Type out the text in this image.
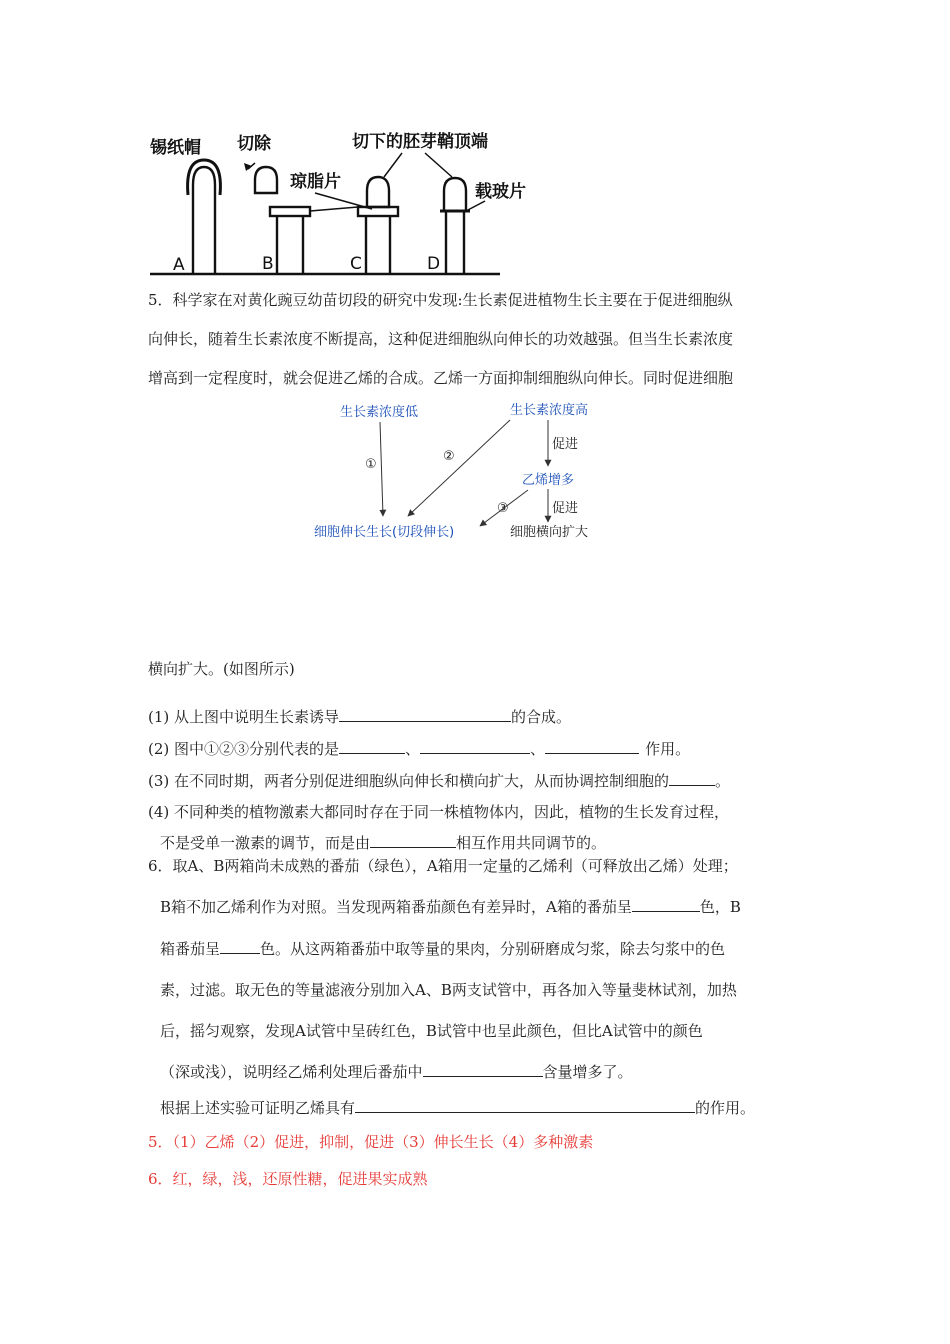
锡纸帽 切除	切下的胚芽鞘顶端
琼脂片	载玻片
A	B	C	D
5．科学家在对黄化豌豆幼苗切段的研究中发现:生长素促进植物生长主要在于促进细胞纵
向伸长，随着生长素浓度不断提高，这种促进细胞纵向伸长的功效越强。但当生长素浓度
增高到一定程度时，就会促进乙烯的合成。乙烯一方面抑制细胞纵向伸长。同时促进细胞
生长素浓度低	生长素浓度高
促进
乙烯增多
促进
①
②
③
细胞伸长生长(切段伸长)	细胞横向扩大
横向扩大。(如图所示)
(1) 从上图中说明生长素诱导	的合成。
(2) 图中①②③分别代表的是	、	、	作用。
(3) 在不同时期，两者分别促进细胞纵向伸长和横向扩大，从而协调控制细胞的	。
(4) 不同种类的植物激素大都同时存在于同一株植物体内，因此，植物的生长发育过程，
不是受单一激素的调节，而是由	相互作用共同调节的。
6．取A、B两箱尚未成熟的番茄（绿色），A箱用一定量的乙烯利（可释放出乙烯）处理；
B箱不加乙烯利作为对照。当发现两箱番茄颜色有差异时，A箱的番茄呈	色，B
箱番茄呈	色。从这两箱番茄中取等量的果肉，分别研磨成匀浆，除去匀浆中的色
素，过滤。取无色的等量滤液分别加入A、B两支试管中，再各加入等量斐林试剂，加热
后，摇匀观察，发现A试管中呈砖红色，B试管中也呈此颜色，但比A试管中的颜色
（深或浅），说明经乙烯利处理后番茄中	含量增多了。
根据上述实验可证明乙烯具有	的作用。
5．（1）乙烯（2）促进，抑制，促进（3）伸长生长（4）多种激素
6．红，绿，浅，还原性糖，促进果实成熟
